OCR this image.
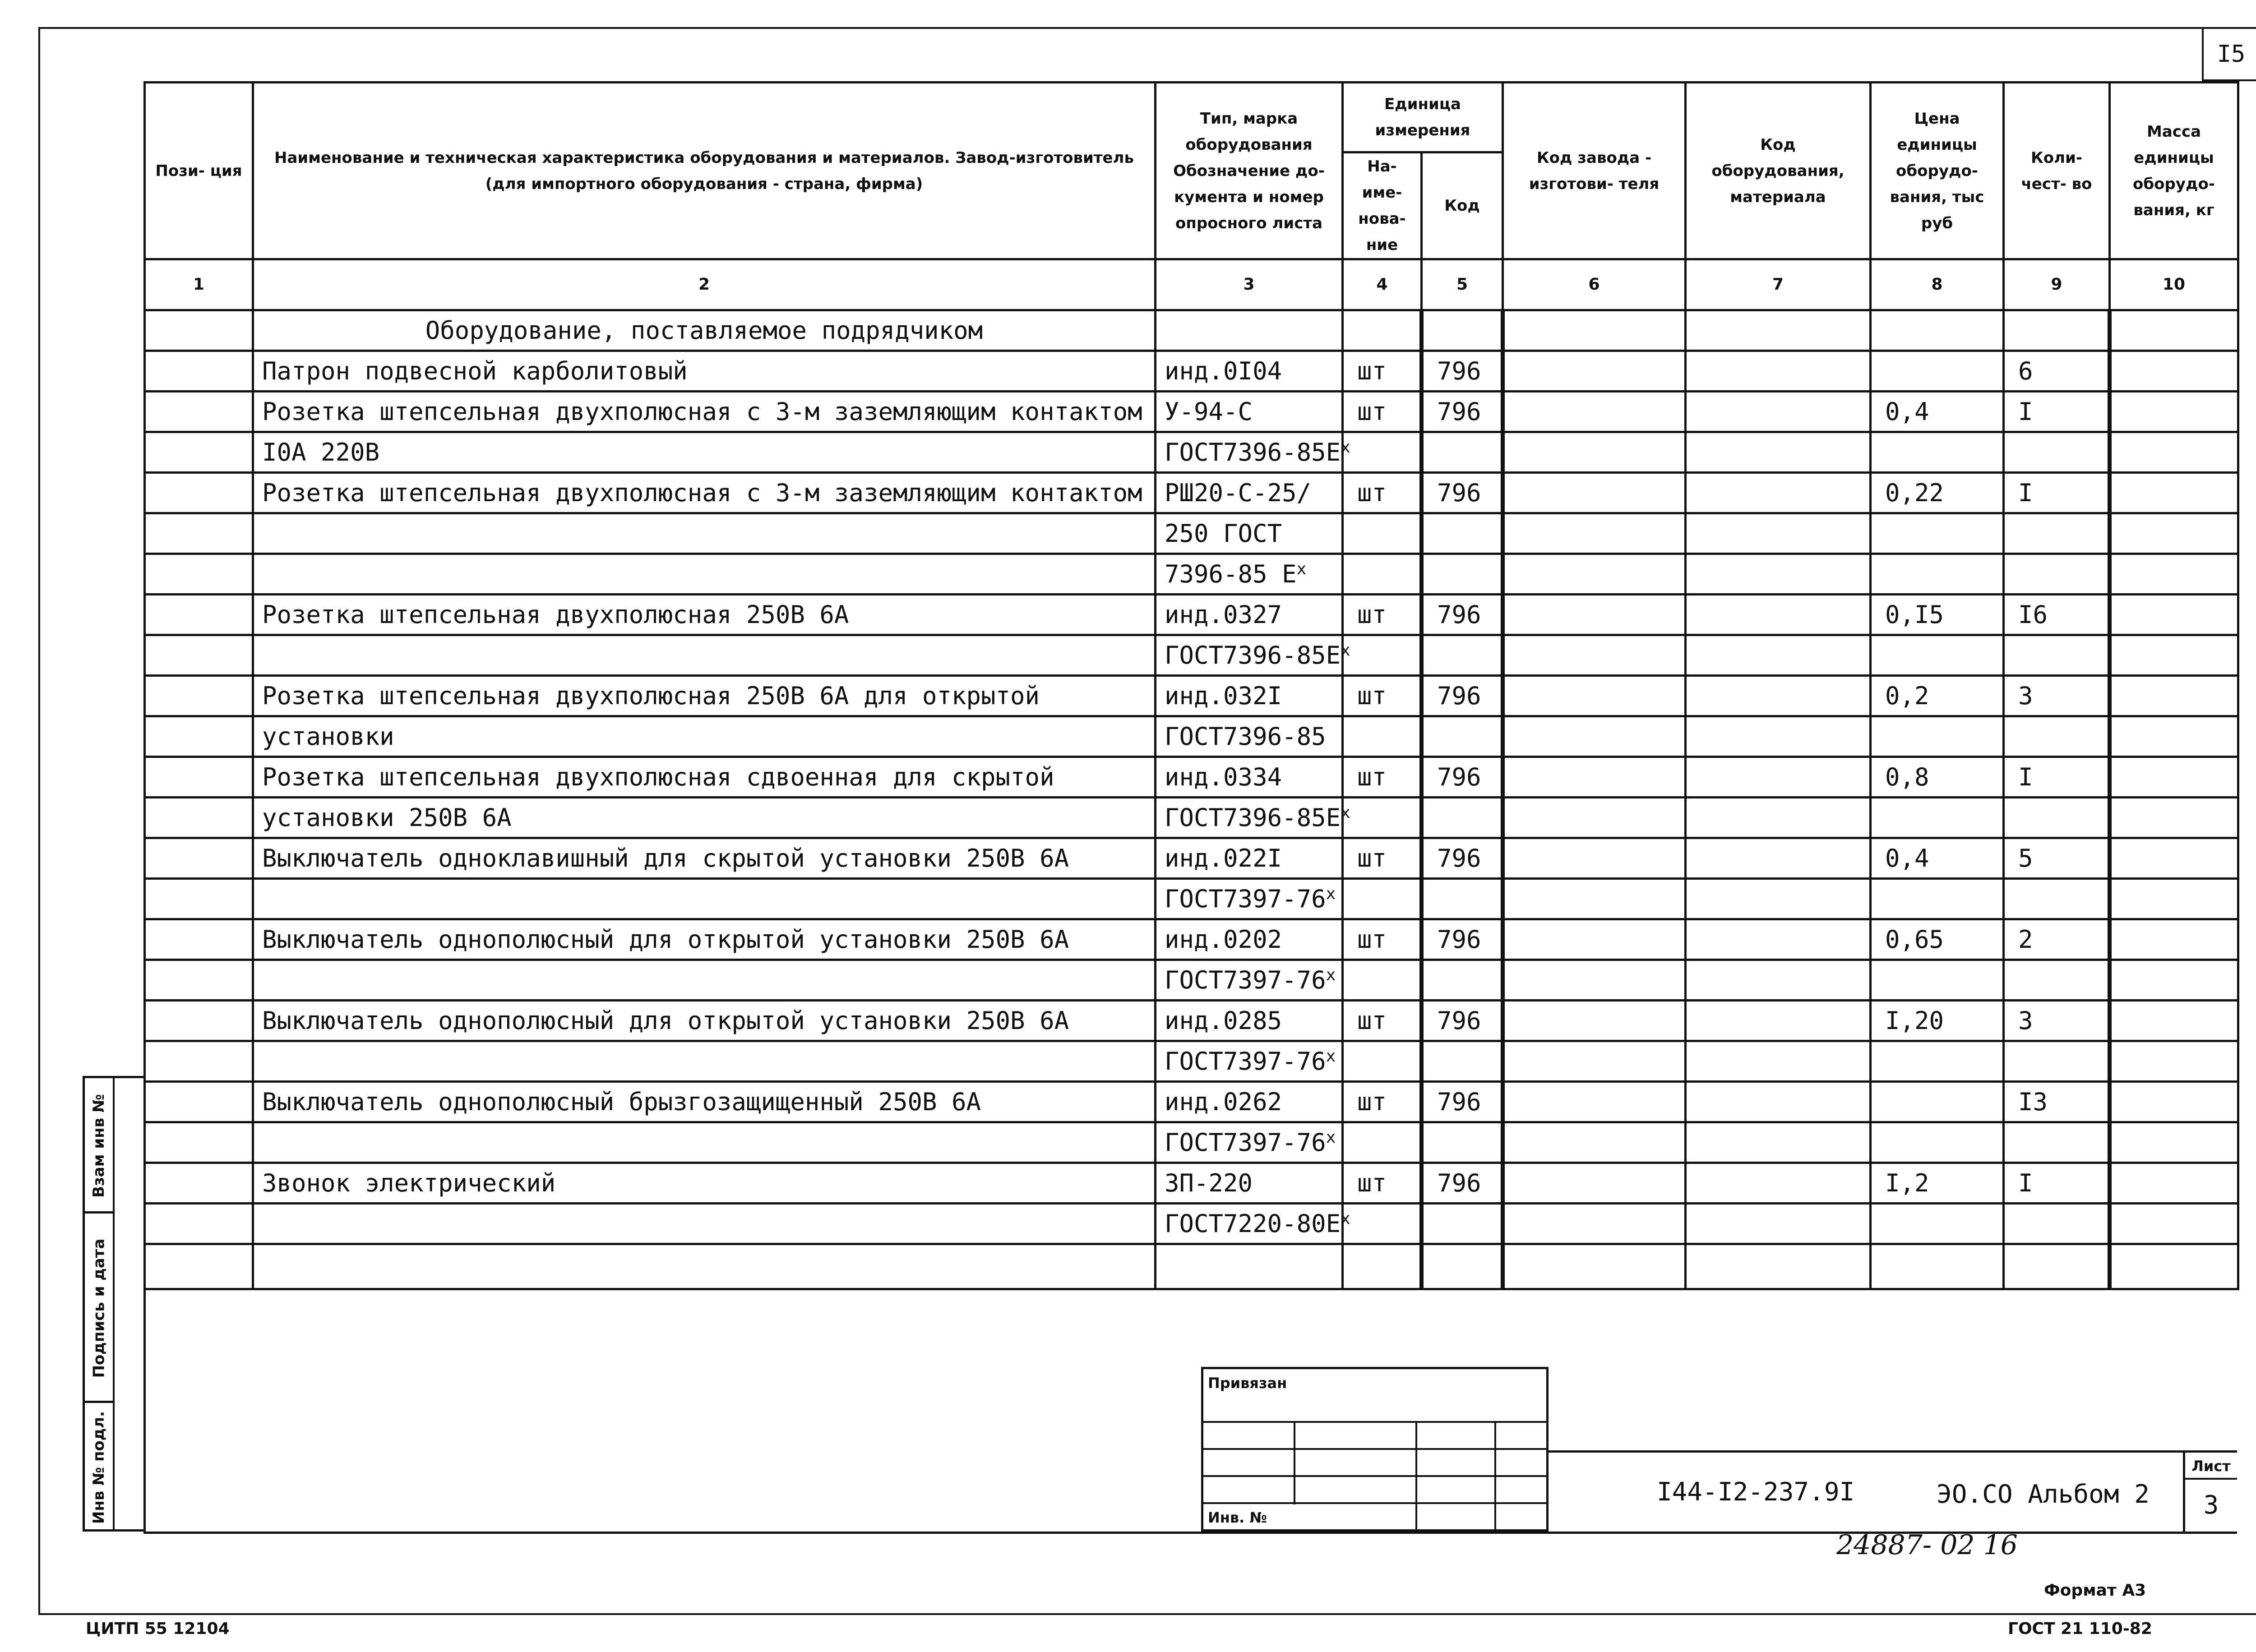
I5
Пози- ция	Наименование и техническая характеристика оборудования и материалов. Завод-изготовитель (для импортного оборудования - страна, фирма)	Тип, марка оборудования Обозначение до- кумента и номер опросного листа	Единица измерения		Код завода - изготови- теля	Код оборудования, материала	Цена единицы оборудо- вания, тыс руб	Коли- чест- во	Масса единицы оборудо- вания, кг
			На- име- нова- ние	Код					
1	2	3	4	5	6	7	8	9	10
	Оборудование, поставляемое подрядчиком								
	Патрон подвесной карболитовый	инд.0I04	шт	796				6	
	Розетка штепсельная двухполюсная с 3-м заземляющим контактом	У-94-С	шт	796			0,4	I	
	I0A 220В	$ГОСТ7396-85Е^x$							
	Розетка штепсельная двухполюсная с 3-м заземляющим контактом	РШ20-С-25/	шт	796			0,22	I	
		250 ГОСТ							
		7396-85 $Е^x$							
	Розетка штепсельная двухполюсная 250В 6А	инд.0327	шт	796			0,I5	I6	
		$ГОСТ7396-85Е^x$							
	Розетка штепсельная двухполюсная 250В 6А для открытой	инд.032I	шт	796			0,2	3	
	установки	ГОСТ7396-85							
	Розетка штепсельная двухполюсная сдвоенная для скрытой	инд.0334	шт	796			0,8	I	
	установки 250В 6А	$ГОСТ7396-85Е^x$							
	Выключатель одноклавишный для скрытой установки 250В 6А	инд.022I	шт	796			0,4	5	
		ГОСТ7397-76$^x$							
	Выключатель однополюсный для открытой установки 250В 6А	инд.0202	шт	796			0,65	2	
		ГОСТ7397-76$^x$							
	Выключатель однополюсный для открытой установки 250В 6А	инд.0285	шт	796			I,20	3	
		ГОСТ7397-76$^x$							
	Выключатель однополюсный брызгозащищенный 250В 6А	инд.0262	шт	796				I3	
		ГОСТ7397-76$^x$							
	Звонок электрический	ЗП-220	шт	796			I,2	I	
		$ГОСТ7220-80Е^x$							

Взам инв №
Подпись и дата
Инв № подл.
Привязан
Инв. №
I44-I2-237.9I	ЭО.СО Альбом 2
Лист
3
24887- 02 16
Формат А3
ЦИТП 55 12104	ГОСТ 21 110-82
